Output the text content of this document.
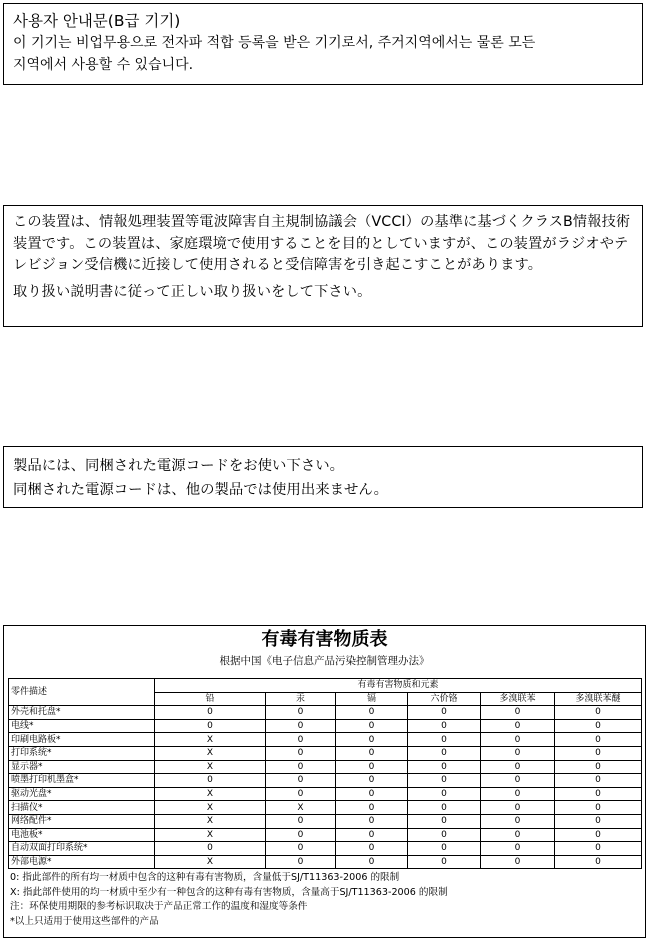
사용자 안내문(B급 기기)
이 기기는 비업무용으로 전자파 적합 등록을 받은 기기로서, 주거지역에서는 물론 모든
지역에서 사용할 수 있습니다.
この装置は、情報処理装置等電波障害自主規制協議会（VCCI）の基準に基づくクラスB情報技術装置です。この装置は、家庭環境で使用することを目的としていますが、この装置がラジオやテレビジョン受信機に近接して使用されると受信障害を引き起こすことがあります。
取り扱い説明書に従って正しい取り扱いをして下さい。
製品には、同梱された電源コードをお使い下さい。
同梱された電源コードは、他の製品では使用出来ません。
有毒有害物质表
根据中国《电子信息产品污染控制管理办法》
零件描述	有毒有害物质和元素					
	铅	汞	镉	六价铬	多溴联苯	多溴联苯醚
外壳和托盘*	0	0	0	0	0	0
电线*	0	0	0	0	0	0
印刷电路板*	X	0	0	0	0	0
打印系统*	X	0	0	0	0	0
显示器*	X	0	0	0	0	0
喷墨打印机墨盒*	0	0	0	0	0	0
驱动光盘*	X	0	0	0	0	0
扫描仪*	X	X	0	0	0	0
网络配件*	X	0	0	0	0	0
电池板*	X	0	0	0	0	0
自动双面打印系统*	0	0	0	0	0	0
外部电源*	X	0	0	0	0	0
0: 指此部件的所有均一材质中包含的这种有毒有害物质，含量低于SJ/T11363-2006 的限制
X: 指此部件使用的均一材质中至少有一种包含的这种有毒有害物质，含量高于SJ/T11363-2006 的限制
注：环保使用期限的参考标识取决于产品正常工作的温度和湿度等条件
*以上只适用于使用这些部件的产品
